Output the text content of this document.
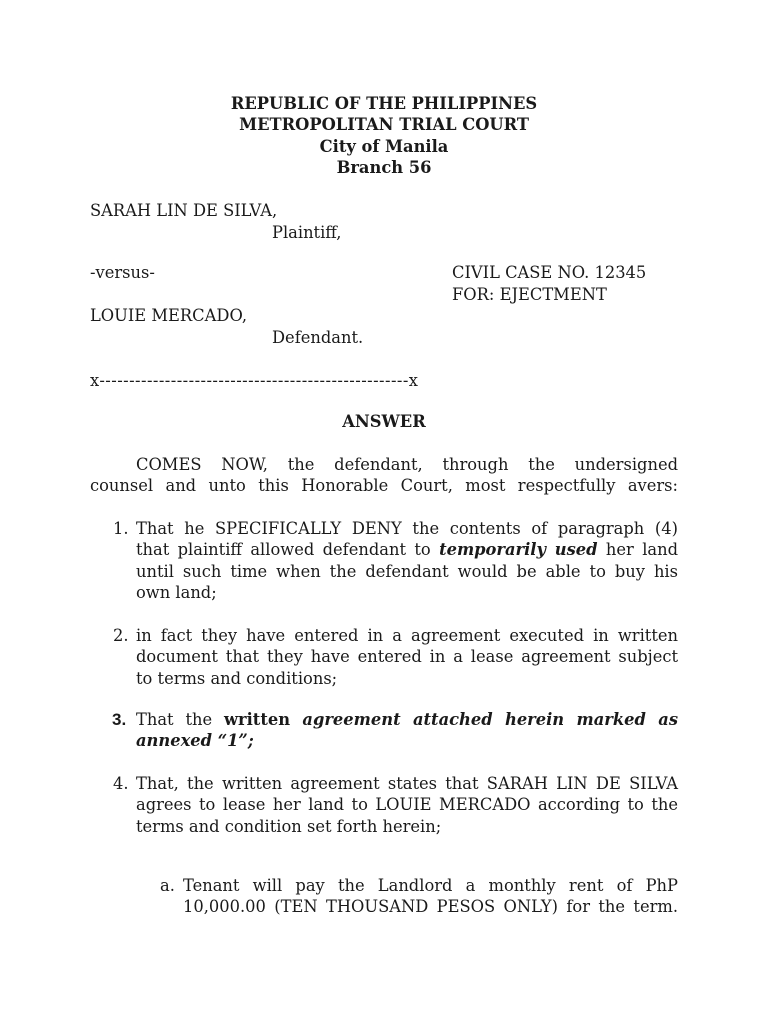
REPUBLIC OF THE PHILIPPINES
METROPOLITAN TRIAL COURT
City of Manila
Branch 56
SARAH LIN DE SILVA,
Plaintiff,
-versus-	CIVIL CASE NO. 12345
FOR: EJECTMENT
LOUIE MERCADO,
Defendant.
x----------------------------------------------------x
ANSWER
COMES NOW, the defendant, through the undersigned
counsel and unto this Honorable Court, most respectfully avers:
1. That he SPECIFICALLY DENY the contents of paragraph (4)
that plaintiff allowed defendant to temporarily used her land
until such time when the defendant would be able to buy his
own land;
2. in fact they have entered in a agreement executed in written
document that they have entered in a lease agreement subject
to terms and conditions;
3. That the written agreement attached herein marked as
annexed “1”;
4. That, the written agreement states that SARAH LIN DE SILVA
agrees to lease her land to LOUIE MERCADO according to the
terms and condition set forth herein;
a. Tenant will pay the Landlord a monthly rent of PhP
10,000.00 (TEN THOUSAND PESOS ONLY) for the term.
